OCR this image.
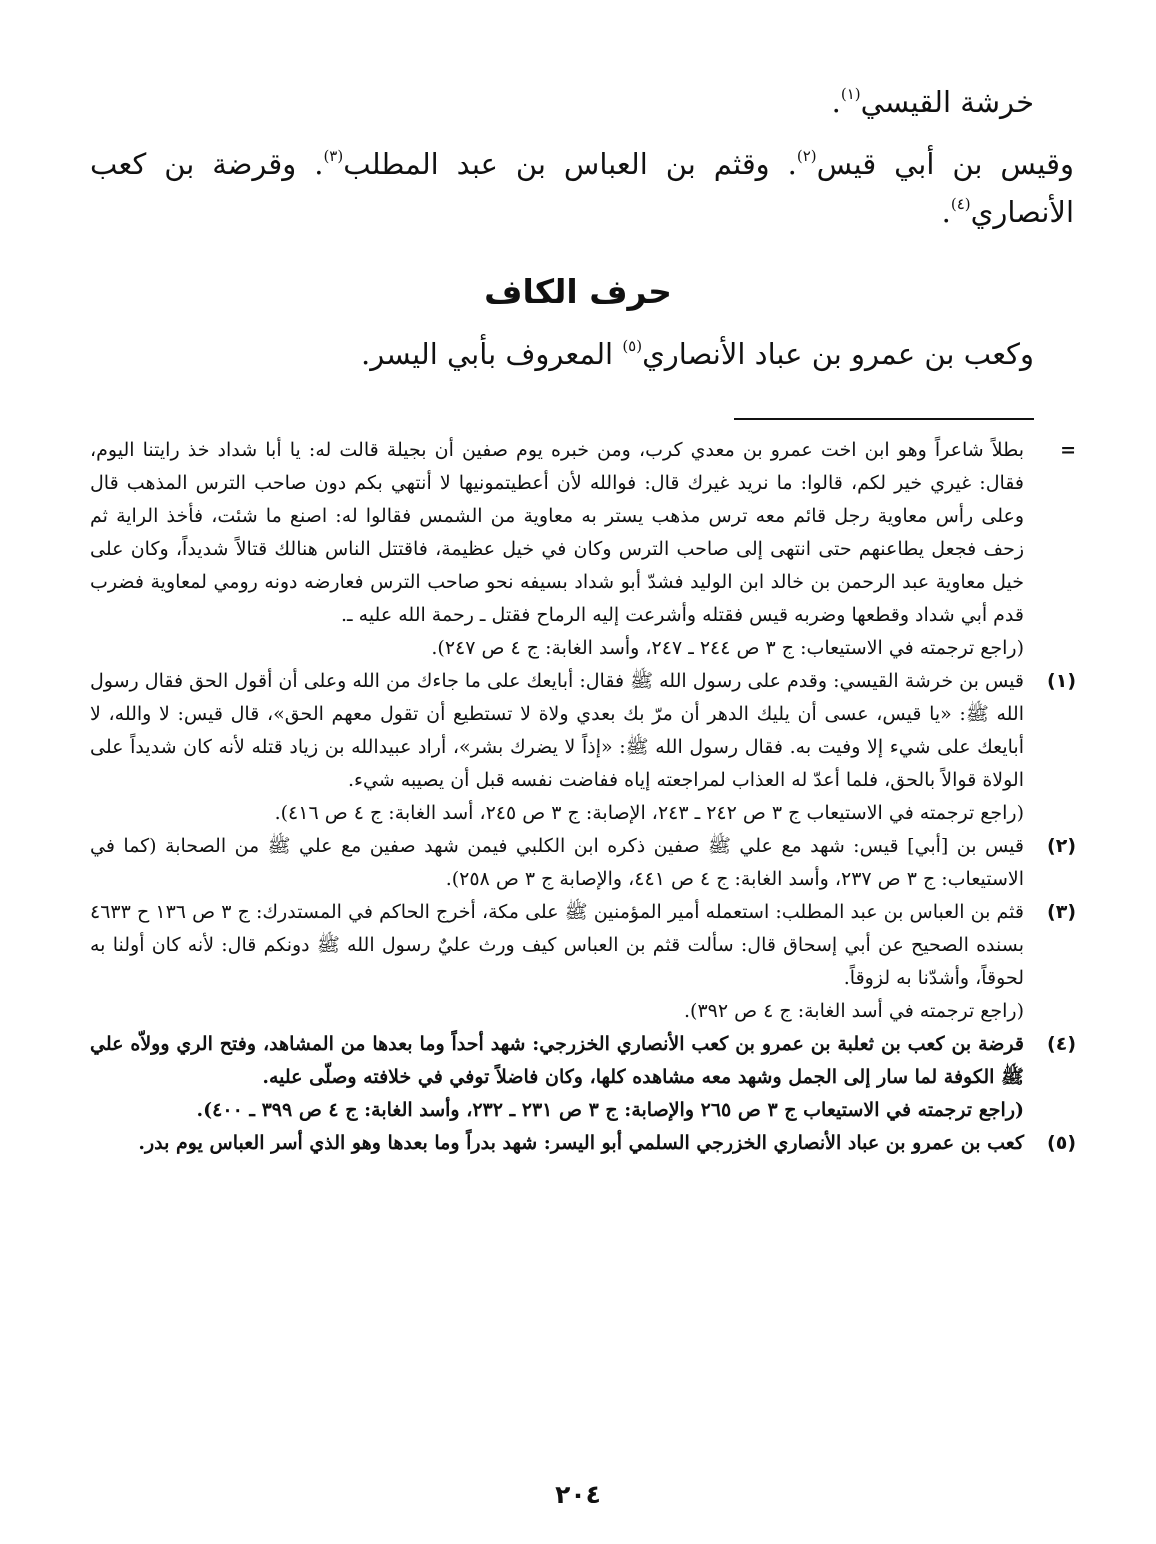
خرشة القيسي$^{(١)}$.
وقيس بن أبي قيس$^{(٢)}$. وقثم بن العباس بن عبد المطلب$^{(٣)}$. وقرضة بن كعب الأنصاري$^{(٤)}$.
حرف الكاف
وكعب بن عمرو بن عباد الأنصاري$^{(٥)}$ المعروف بأبي اليسر.
=

بطلاً شاعراً وهو ابن اخت عمرو بن معدي كرب، ومن خبره يوم صفين أن بجيلة قالت له: يا أبا شداد خذ رايتنا اليوم، فقال: غيري خير لكم، قالوا: ما نريد غيرك قال: فوالله لأن أعطيتمونيها لا أنتهي بكم دون صاحب الترس المذهب قال وعلى رأس معاوية رجل قائم معه ترس مذهب يستر به معاوية من الشمس فقالوا له: اصنع ما شئت، فأخذ الراية ثم زحف فجعل يطاعنهم حتى انتهى إلى صاحب الترس وكان في خيل عظيمة، فاقتتل الناس هنالك قتالاً شديداً، وكان على خيل معاوية عبد الرحمن بن خالد ابن الوليد فشدّ أبو شداد بسيفه نحو صاحب الترس فعارضه دونه رومي لمعاوية فضرب قدم أبي شداد وقطعها وضربه قيس فقتله وأشرعت إليه الرماح فقتل ـ رحمة الله عليه ـ.

(راجع ترجمته في الاستيعاب: ج ٣ ص ٢٤٤ ـ ٢٤٧، وأسد الغابة: ج ٤ ص ٢٤٧).

(١)

قيس بن خرشة القيسي: وقدم على رسول الله ﷺ فقال: أبايعك على ما جاءك من الله وعلى أن أقول الحق فقال رسول الله ﷺ: «يا قيس، عسى أن يليك الدهر أن مرّ بك بعدي ولاة لا تستطيع أن تقول معهم الحق»، قال قيس: لا والله، لا أبايعك على شيء إلا وفيت به. فقال رسول الله ﷺ: «إذاً لا يضرك بشر»، أراد عبيدالله بن زياد قتله لأنه كان شديداً على الولاة قوالاً بالحق، فلما أعدّ له العذاب لمراجعته إياه ففاضت نفسه قبل أن يصيبه شيء.

(راجع ترجمته في الاستيعاب ج ٣ ص ٢٤٢ ـ ٢٤٣، الإصابة: ج ٣ ص ٢٤٥، أسد الغابة: ج ٤ ص ٤١٦).

(٢)

قيس بن [أبي] قيس: شهد مع علي ﷺ صفين ذكره ابن الكلبي فيمن شهد صفين مع علي ﷺ من الصحابة (كما في الاستيعاب: ج ٣ ص ٢٣٧، وأسد الغابة: ج ٤ ص ٤٤١، والإصابة ج ٣ ص ٢٥٨).

(٣)

قثم بن العباس بن عبد المطلب: استعمله أمير المؤمنين ﷺ على مكة، أخرج الحاكم في المستدرك: ج ٣ ص ١٣٦ ح ٤٦٣٣ بسنده الصحيح عن أبي إسحاق قال: سألت قثم بن العباس كيف ورث عليٌ رسول الله ﷺ دونكم قال: لأنه كان أولنا به لحوقاً، وأشدّنا به لزوقاً.

(راجع ترجمته في أسد الغابة: ج ٤ ص ٣٩٢).

(٤)

قرضة بن كعب بن ثعلبة بن عمرو بن كعب الأنصاري الخزرجي: شهد أحداً وما بعدها من المشاهد، وفتح الري وولاّه علي ﷺ الكوفة لما سار إلى الجمل وشهد معه مشاهده كلها، وكان فاضلاً توفي في خلافته وصلّى عليه.

(راجع ترجمته في الاستيعاب ج ٣ ص ٢٦٥ والإصابة: ج ٣ ص ٢٣١ ـ ٢٣٢، وأسد الغابة: ج ٤ ص ٣٩٩ ـ ٤٠٠).

(٥)

كعب بن عمرو بن عباد الأنصاري الخزرجي السلمي أبو اليسر: شهد بدراً وما بعدها وهو الذي أسر العباس يوم بدر.

٢٠٤
